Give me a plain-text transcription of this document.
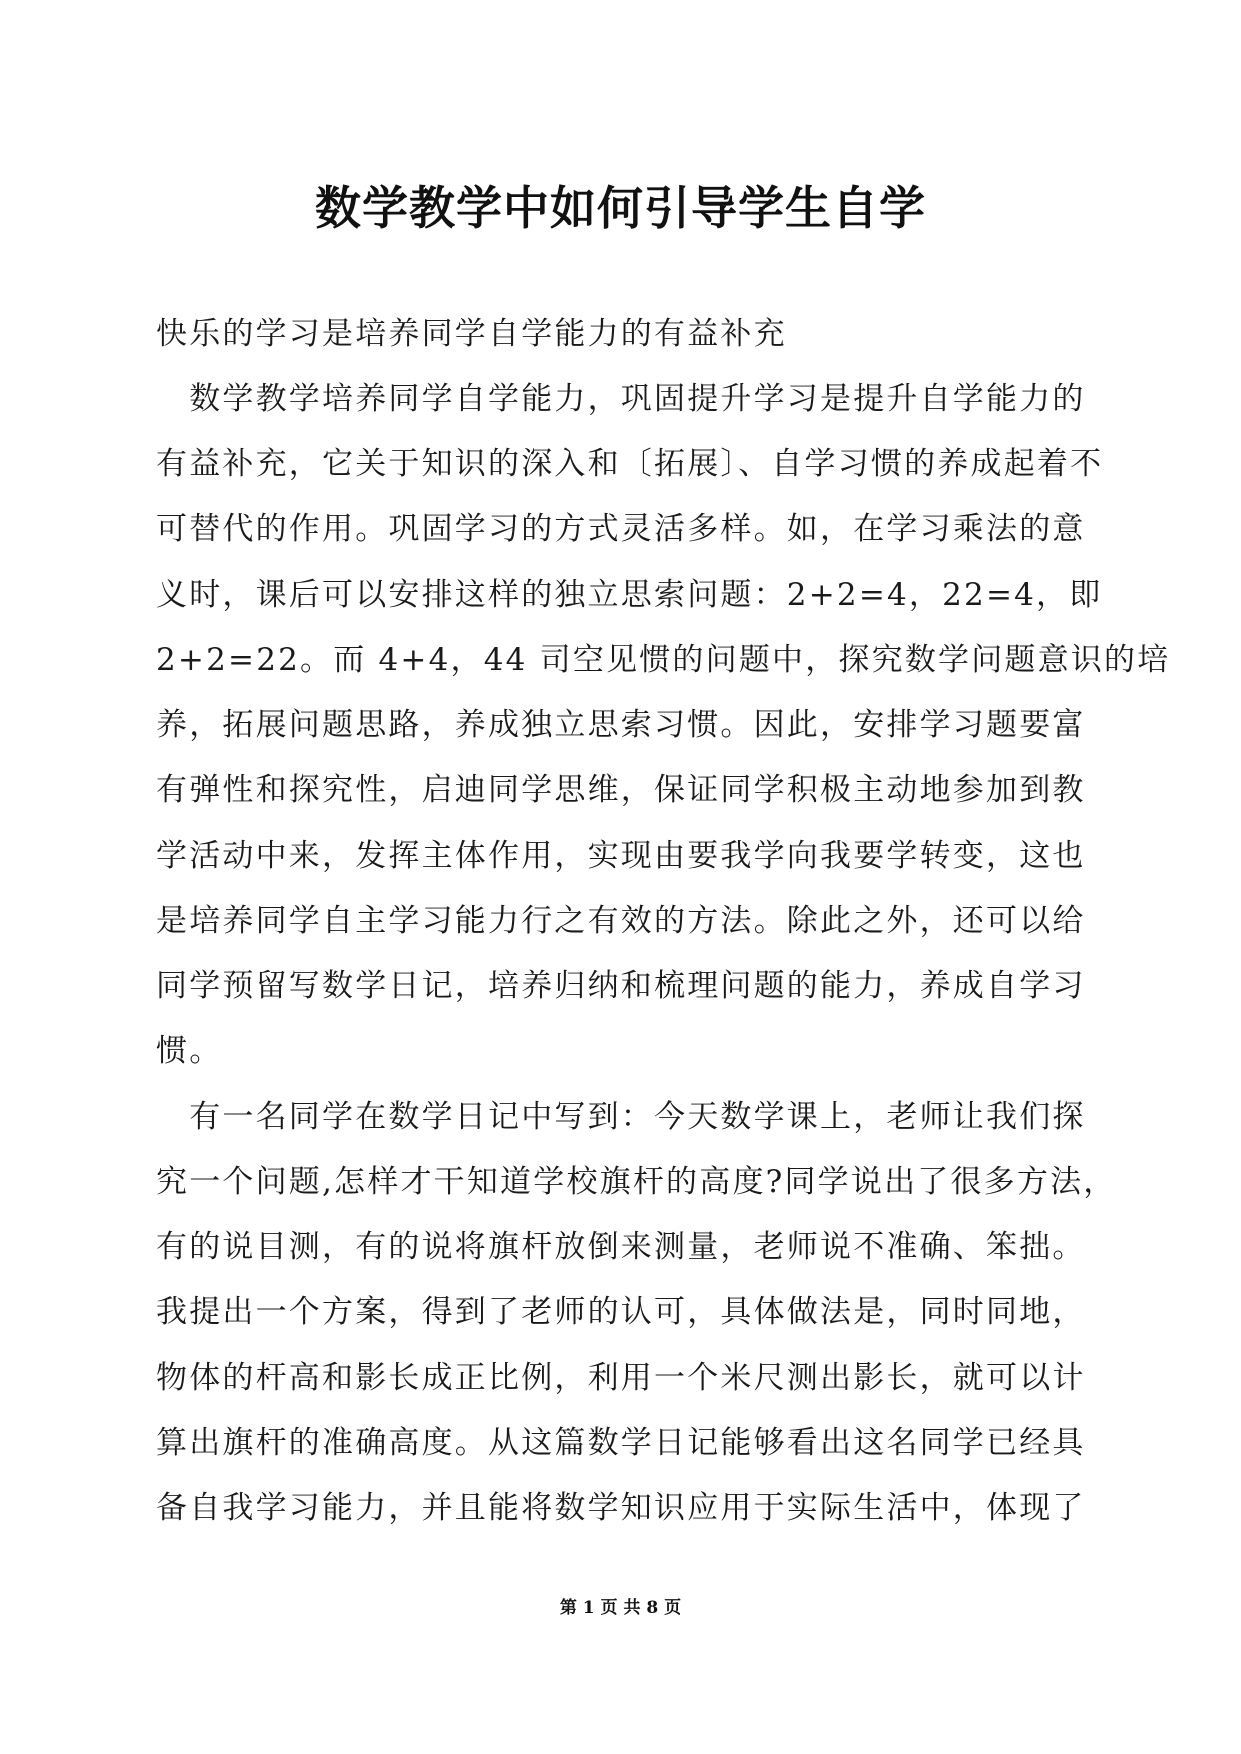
数学教学中如何引导学生自学

快乐的学习是培养同学自学能力的有益补充

　数学教学培养同学自学能力，巩固提升学习是提升自学能力的

有益补充，它关于知识的深入和〔拓展〕、自学习惯的养成起着不

可替代的作用。巩固学习的方式灵活多样。如，在学习乘法的意

义时，课后可以安排这样的独立思索问题：2+2=4，22=4，即

2+2=22。而 4+4，44 司空见惯的问题中，探究数学问题意识的培

养，拓展问题思路，养成独立思索习惯。因此，安排学习题要富

有弹性和探究性，启迪同学思维，保证同学积极主动地参加到教

学活动中来，发挥主体作用，实现由要我学向我要学转变，这也

是培养同学自主学习能力行之有效的方法。除此之外，还可以给

同学预留写数学日记，培养归纳和梳理问题的能力，养成自学习

惯。

　有一名同学在数学日记中写到：今天数学课上，老师让我们探

究一个问题,怎样才干知道学校旗杆的高度?同学说出了很多方法，

有的说目测，有的说将旗杆放倒来测量，老师说不准确、笨拙。

我提出一个方案，得到了老师的认可，具体做法是，同时同地，

物体的杆高和影长成正比例，利用一个米尺测出影长，就可以计

算出旗杆的准确高度。从这篇数学日记能够看出这名同学已经具

备自我学习能力，并且能将数学知识应用于实际生活中，体现了

第 1 页 共 8 页
